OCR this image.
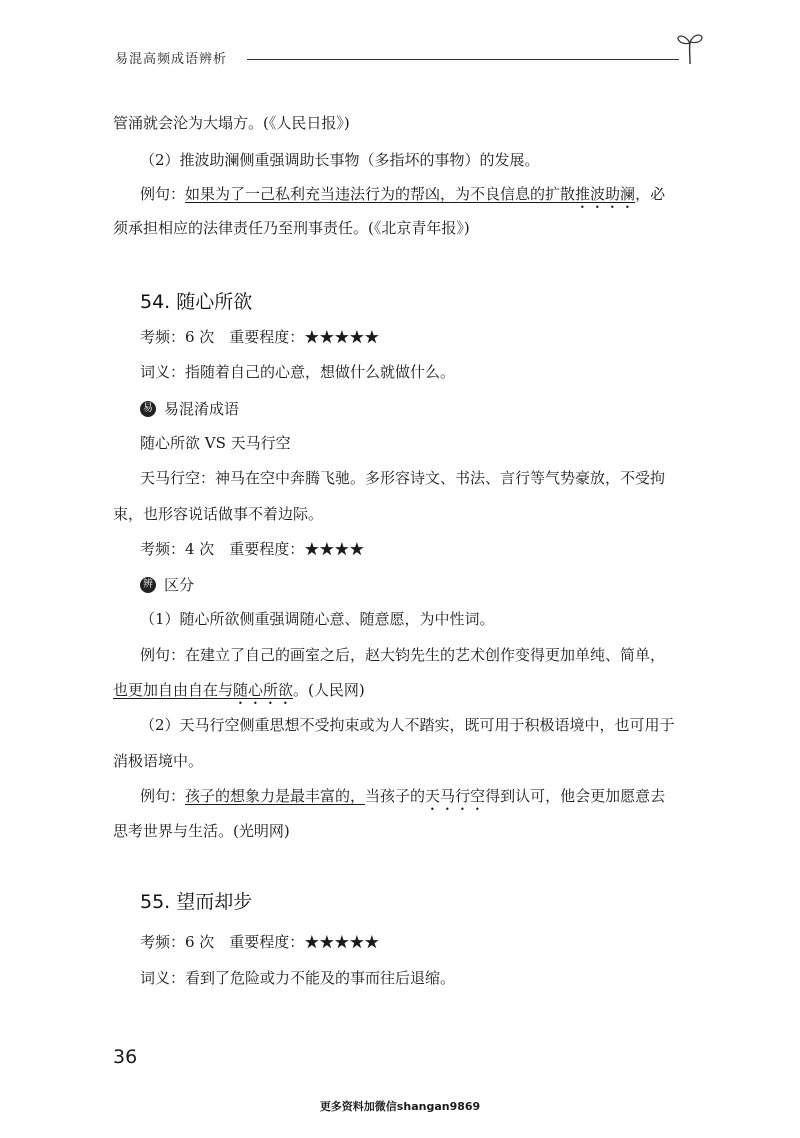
易混高频成语辨析
管涌就会沦为大塌方。(《人民日报》)
（2）推波助澜侧重强调助长事物（多指坏的事物）的发展。
例句：如果为了一己私利充当违法行为的帮凶，为不良信息的扩散推波助澜，必
须承担相应的法律责任乃至刑事责任。(《北京青年报》)
54. 随心所欲
考频：6 次　重要程度：★★★★★
词义：指随着自己的心意，想做什么就做什么。
易 易混淆成语
随心所欲 VS 天马行空
天马行空：神马在空中奔腾飞驰。多形容诗文、书法、言行等气势豪放，不受拘
束，也形容说话做事不着边际。
考频：4 次　重要程度：★★★★
辨 区分
（1）随心所欲侧重强调随心意、随意愿，为中性词。
例句：在建立了自己的画室之后，赵大钧先生的艺术创作变得更加单纯、简单，
也更加自由自在与随心所欲。(人民网)
（2）天马行空侧重思想不受拘束或为人不踏实，既可用于积极语境中，也可用于
消极语境中。
例句：孩子的想象力是最丰富的，当孩子的天马行空得到认可，他会更加愿意去
思考世界与生活。(光明网)
55. 望而却步
考频：6 次　重要程度：★★★★★
词义：看到了危险或力不能及的事而往后退缩。
36
更多资料加微信shangan9869
